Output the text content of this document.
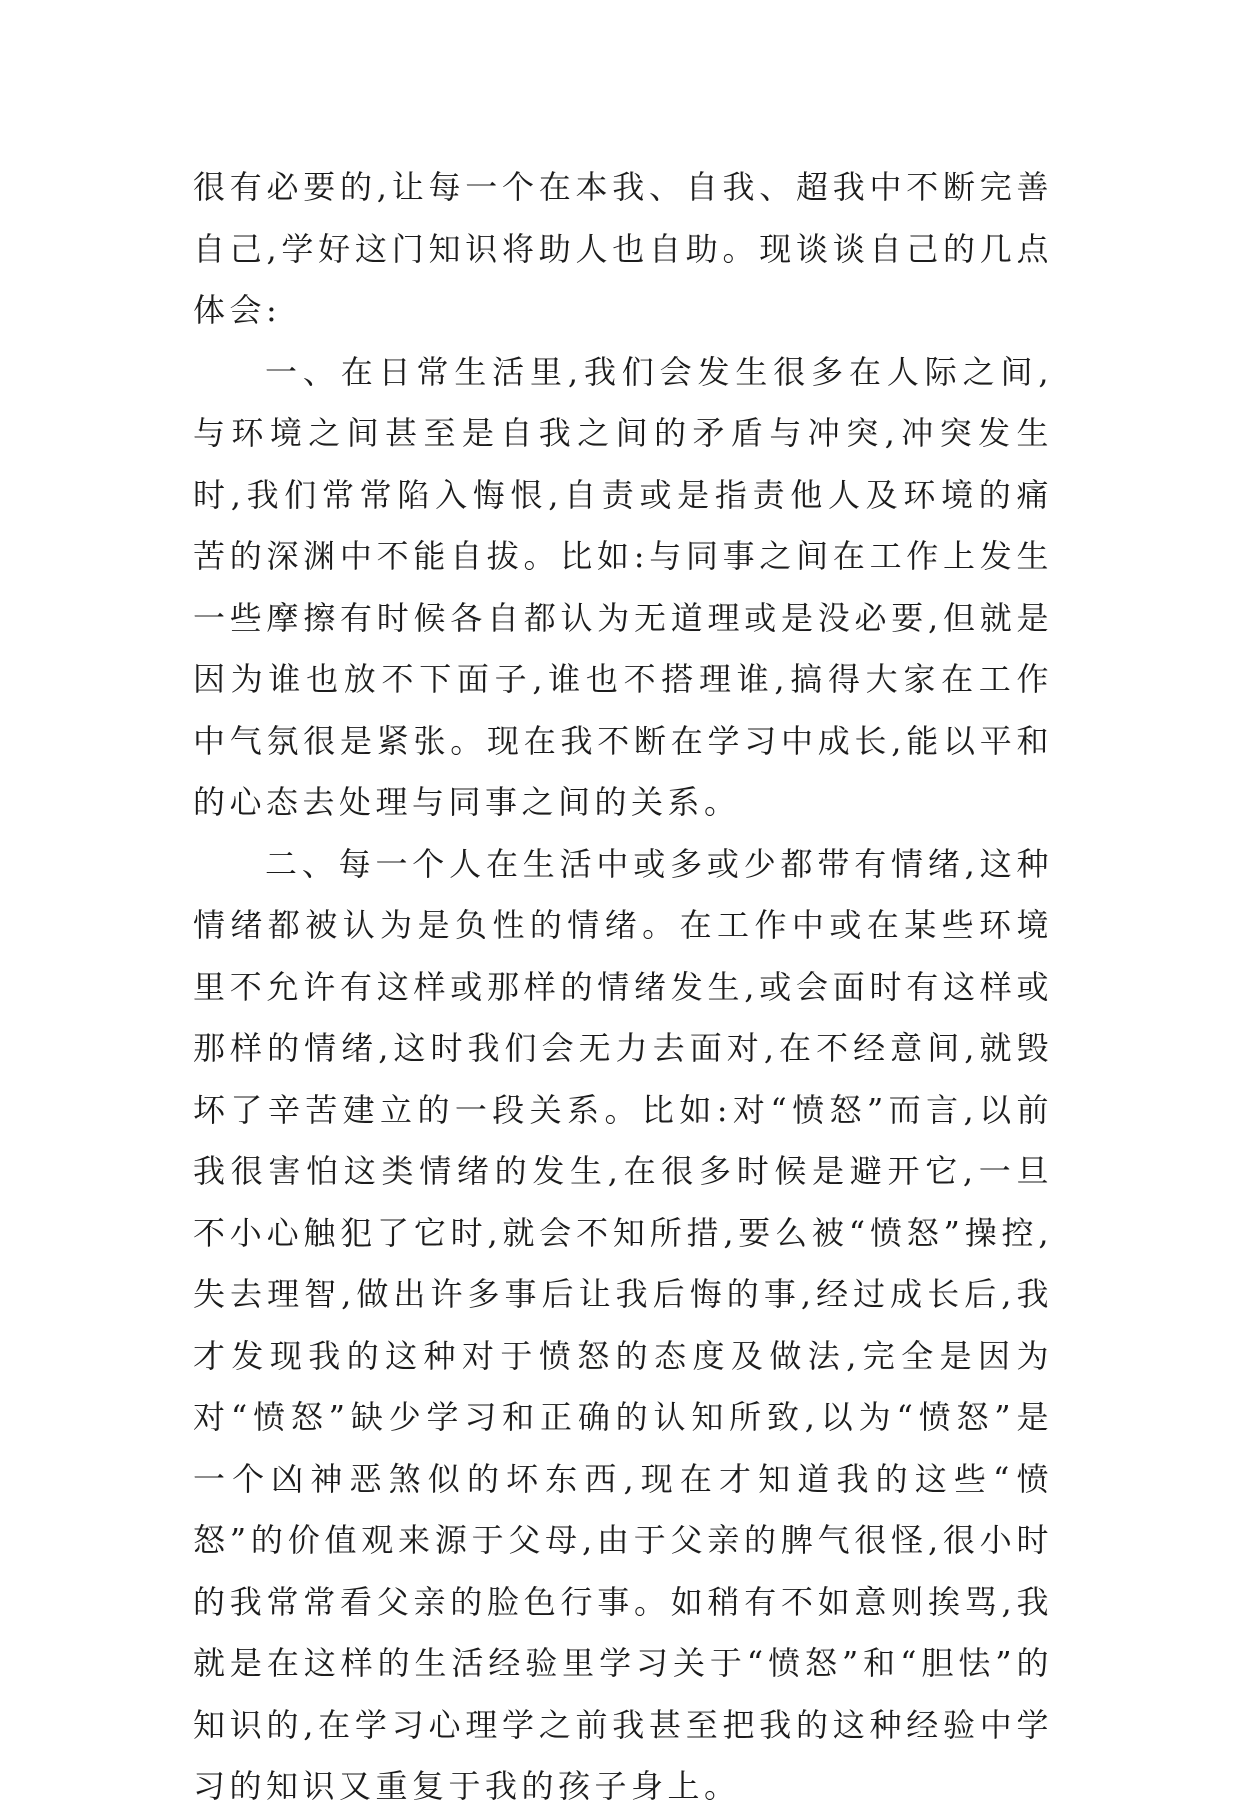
很有必要的,让每一个在本我、自我、超我中不断完善自己,学好这门知识将助人也自助。现谈谈自己的几点体会:

一、在日常生活里,我们会发生很多在人际之间,与环境之间甚至是自我之间的矛盾与冲突,冲突发生时,我们常常陷入悔恨,自责或是指责他人及环境的痛苦的深渊中不能自拔。比如:与同事之间在工作上发生一些摩擦有时候各自都认为无道理或是没必要,但就是因为谁也放不下面子,谁也不搭理谁,搞得大家在工作中气氛很是紧张。现在我不断在学习中成长,能以平和的心态去处理与同事之间的关系。

二、每一个人在生活中或多或少都带有情绪,这种情绪都被认为是负性的情绪。在工作中或在某些环境里不允许有这样或那样的情绪发生,或会面时有这样或那样的情绪,这时我们会无力去面对,在不经意间,就毁坏了辛苦建立的一段关系。比如:对“愤怒”而言,以前我很害怕这类情绪的发生,在很多时候是避开它,一旦不小心触犯了它时,就会不知所措,要么被“愤怒”操控,失去理智,做出许多事后让我后悔的事,经过成长后,我才发现我的这种对于愤怒的态度及做法,完全是因为对“愤怒”缺少学习和正确的认知所致,以为“愤怒”是一个凶神恶煞似的坏东西,现在才知道我的这些“愤怒”的价值观来源于父母,由于父亲的脾气很怪,很小时的我常常看父亲的脸色行事。如稍有不如意则挨骂,我就是在这样的生活经验里学习关于“愤怒”和“胆怯”的知识的,在学习心理学之前我甚至把我的这种经验中学习的知识又重复于我的孩子身上。
